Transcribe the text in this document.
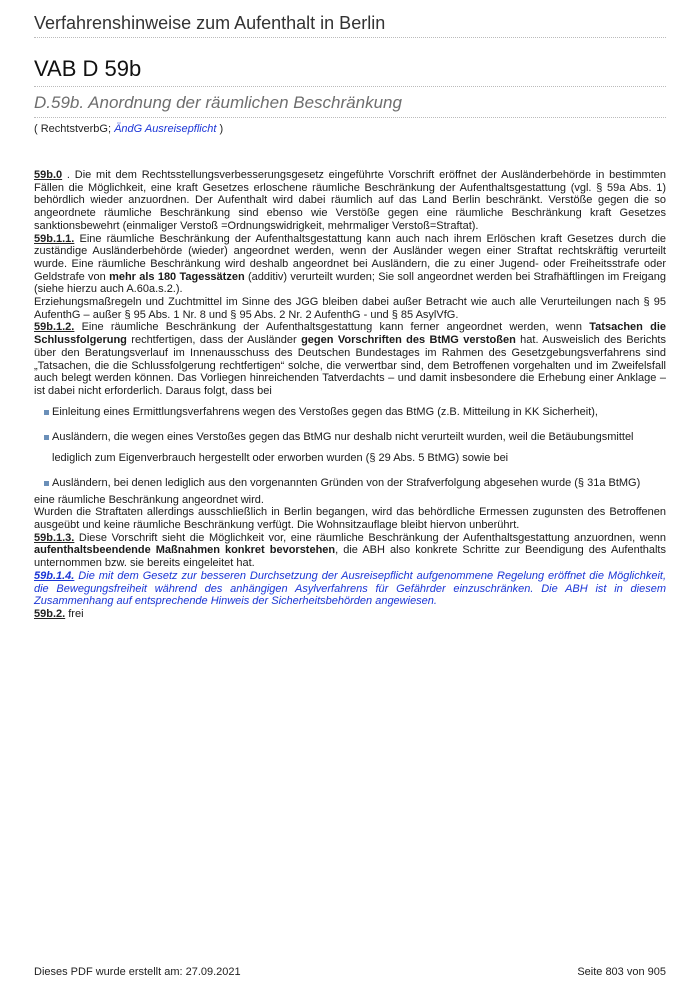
Verfahrenshinweise zum Aufenthalt in Berlin
VAB D 59b
D.59b. Anordnung der räumlichen Beschränkung
( RechtstverbG; ÄndG Ausreisepflicht )

59b.0 . Die mit dem Rechtsstellungsverbesserungsgesetz eingeführte Vorschrift eröffnet der Ausländerbehörde in bestimmten Fällen die Möglichkeit, eine kraft Gesetzes erloschene räumliche Beschränkung der Aufenthaltsgestattung (vgl. § 59a Abs. 1) behördlich wieder anzuordnen. Der Aufenthalt wird dabei räumlich auf das Land Berlin beschränkt. Verstöße gegen die so angeordnete räumliche Beschränkung sind ebenso wie Verstöße gegen eine räumliche Beschränkung kraft Gesetzes sanktionsbewehrt (einmaliger Verstoß =Ordnungswidrigkeit, mehrmaliger Verstoß=Straftat).

59b.1.1. Eine räumliche Beschränkung der Aufenthaltsgestattung kann auch nach ihrem Erlöschen kraft Gesetzes durch die zuständige Ausländerbehörde (wieder) angeordnet werden, wenn der Ausländer wegen einer Straftat rechtskräftig verurteilt wurde. Eine räumliche Beschränkung wird deshalb angeordnet bei Ausländern, die zu einer Jugend- oder Freiheitsstrafe oder Geldstrafe von mehr als 180 Tagessätzen (additiv) verurteilt wurden; Sie soll angeordnet werden bei Strafhäftlingen im Freigang (siehe hierzu auch A.60a.s.2.).

Erziehungsmaßregeln und Zuchtmittel im Sinne des JGG bleiben dabei außer Betracht wie auch alle Verurteilungen nach § 95 AufenthG – außer § 95 Abs. 1 Nr. 8 und § 95 Abs. 2 Nr. 2 AufenthG - und § 85 AsylVfG.

59b.1.2. Eine räumliche Beschränkung der Aufenthaltsgestattung kann ferner angeordnet werden, wenn Tatsachen die Schlussfolgerung rechtfertigen, dass der Ausländer gegen Vorschriften des BtMG verstoßen hat. Ausweislich des Berichts über den Beratungsverlauf im Innenausschuss des Deutschen Bundestages im Rahmen des Gesetzgebungsverfahrens sind „Tatsachen, die die Schlussfolgerung rechtfertigen“ solche, die verwertbar sind, dem Betroffenen vorgehalten und im Zweifelsfall auch belegt werden können. Das Vorliegen hinreichenden Tatverdachts – und damit insbesondere die Erhebung einer Anklage – ist dabei nicht erforderlich. Daraus folgt, dass bei

Einleitung eines Ermittlungsverfahrens wegen des Verstoßes gegen das BtMG (z.B. Mitteilung in KK Sicherheit),
Ausländern, die wegen eines Verstoßes gegen das BtMG nur deshalb nicht verurteilt wurden, weil die Betäubungsmittel lediglich zum Eigenverbrauch hergestellt oder erworben wurden (§ 29 Abs. 5 BtMG) sowie bei
Ausländern, bei denen lediglich aus den vorgenannten Gründen von der Strafverfolgung abgesehen wurde (§ 31a BtMG)

eine räumliche Beschränkung angeordnet wird.

Wurden die Straftaten allerdings ausschließlich in Berlin begangen, wird das behördliche Ermessen zugunsten des Betroffenen ausgeübt und keine räumliche Beschränkung verfügt. Die Wohnsitzauflage bleibt hiervon unberührt.

59b.1.3. Diese Vorschrift sieht die Möglichkeit vor, eine räumliche Beschränkung der Aufenthaltsgestattung anzuordnen, wenn aufenthaltsbeendende Maßnahmen konkret bevorstehen, die ABH also konkrete Schritte zur Beendigung des Aufenthalts unternommen bzw. sie bereits eingeleitet hat.

59b.1.4. Die mit dem Gesetz zur besseren Durchsetzung der Ausreisepflicht aufgenommene Regelung eröffnet die Möglichkeit, die Bewegungsfreiheit während des anhängigen Asylverfahrens für Gefährder einzuschränken. Die ABH ist in diesem Zusammenhang auf entsprechende Hinweis der Sicherheitsbehörden angewiesen.

59b.2. frei

Dieses PDF wurde erstellt am: 27.09.2021	Seite 803 von 905
